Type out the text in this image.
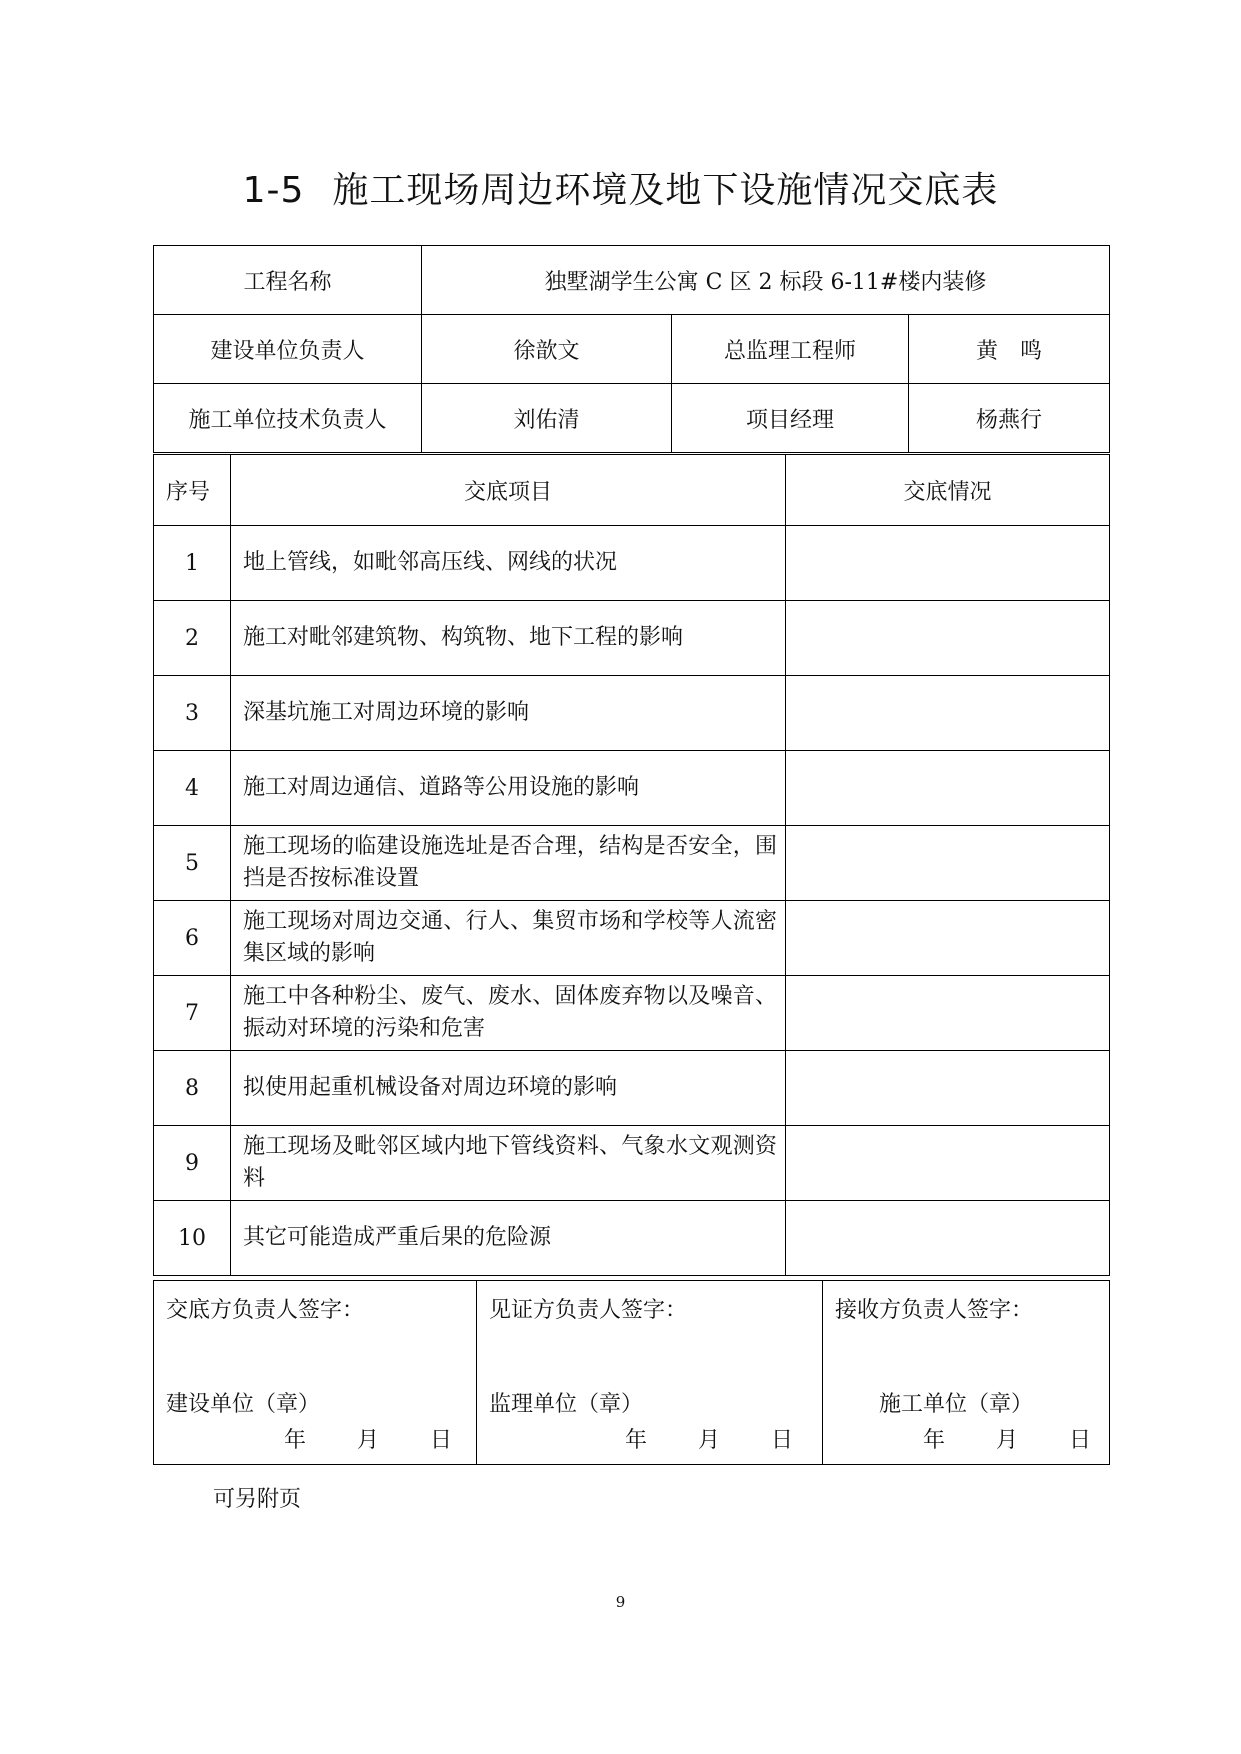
1-5 施工现场周边环境及地下设施情况交底表
工程名称	独墅湖学生公寓 C 区 2 标段 6-11#楼内装修		
建设单位负责人	徐歆文	总监理工程师	黄　鸣
施工单位技术负责人	刘佑清	项目经理	杨燕行
序号	交底项目	交底情况
1	地上管线，如毗邻高压线、网线的状况	
2	施工对毗邻建筑物、构筑物、地下工程的影响	
3	深基坑施工对周边环境的影响	
4	施工对周边通信、道路等公用设施的影响	
5	施工现场的临建设施选址是否合理，结构是否安全，围挡是否按标准设置	
6	施工现场对周边交通、行人、集贸市场和学校等人流密集区域的影响	
7	施工中各种粉尘、废气、废水、固体废弃物以及噪音、振动对环境的污染和危害	
8	拟使用起重机械设备对周边环境的影响	
9	施工现场及毗邻区域内地下管线资料、气象水文观测资料	
10	其它可能造成严重后果的危险源	
交底方负责人签字：
建设单位（章）
年 月 日

见证方负责人签字：
监理单位（章）
年 月 日

接收方负责人签字：
施工单位（章）
年 月 日
可另附页
9
